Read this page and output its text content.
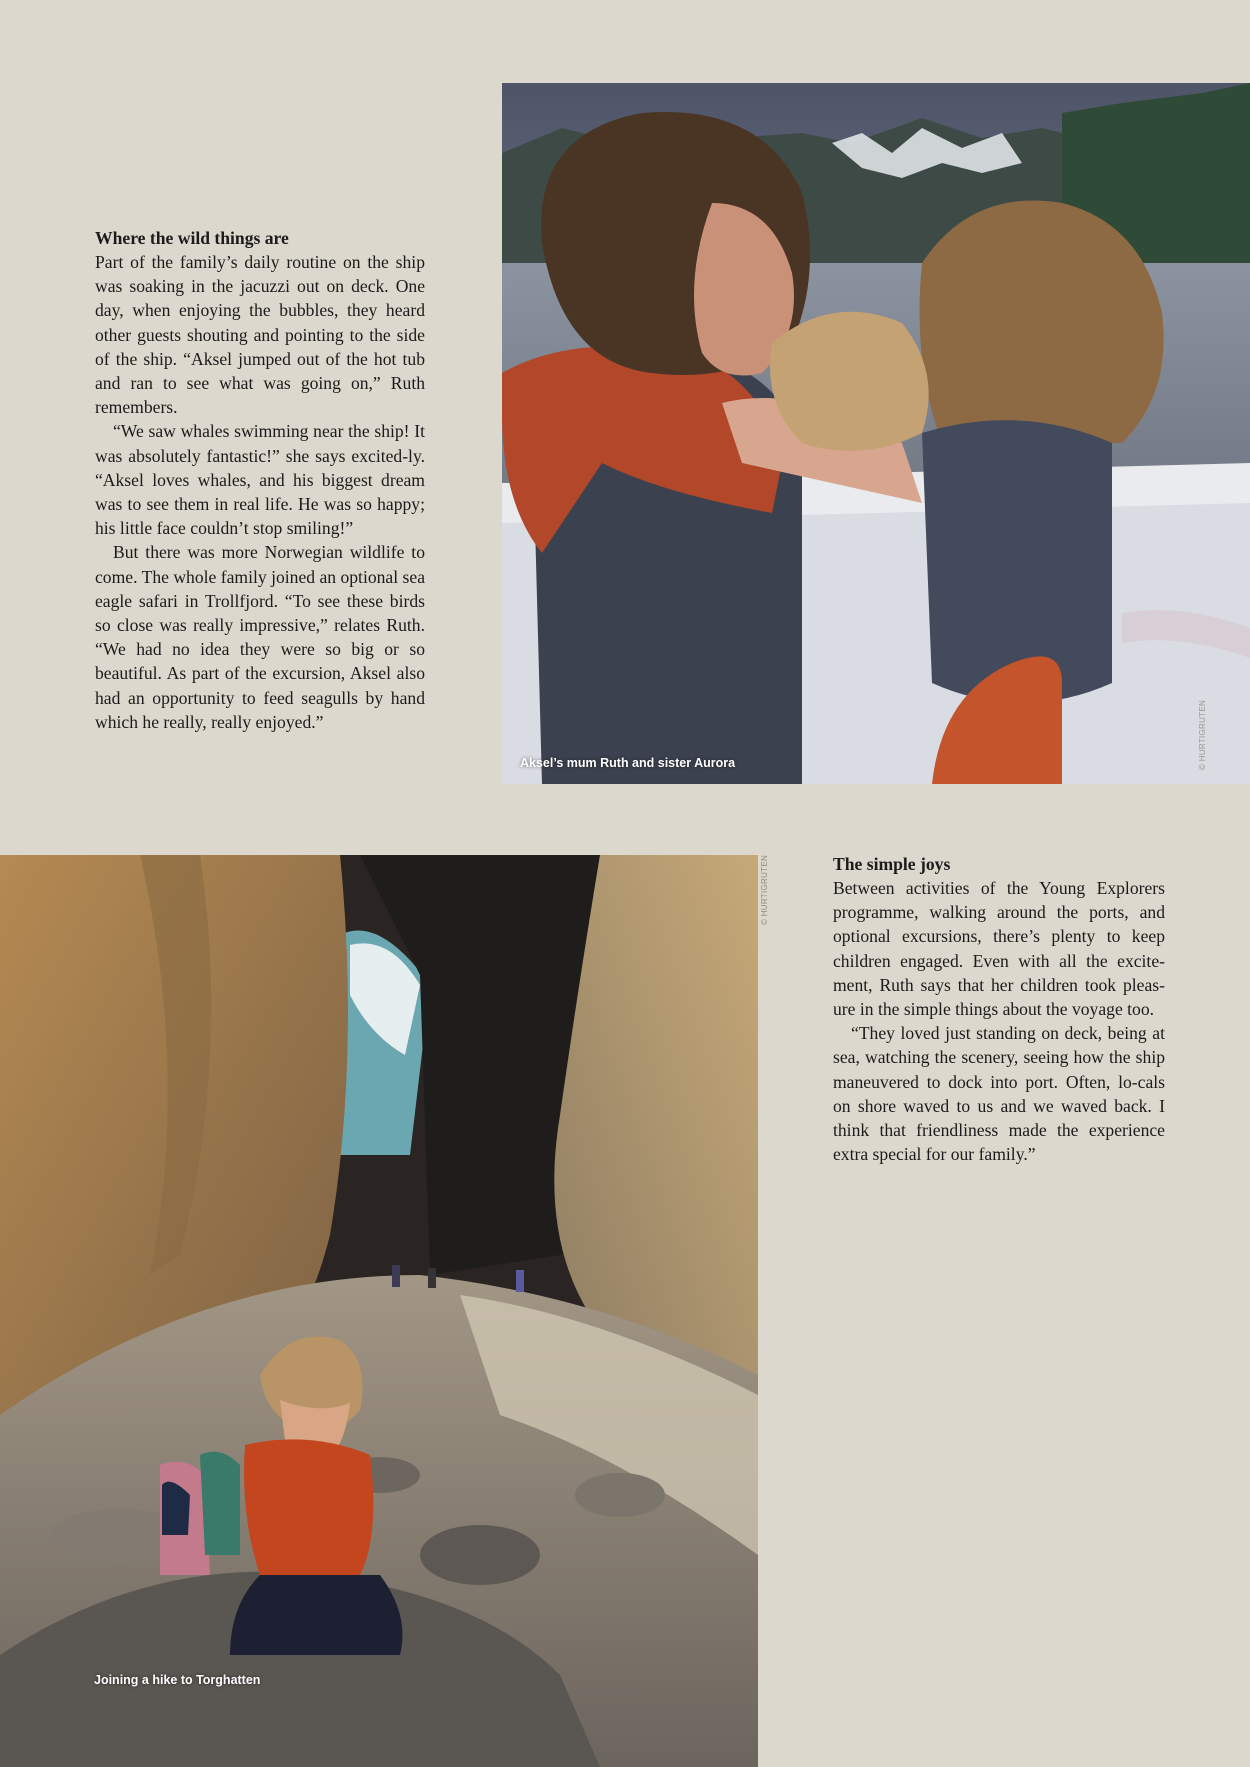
Where the wild things are

Part of the family’s daily routine on the ship was soaking in the jacuzzi out on deck. One day, when enjoying the bubbles, they heard other guests shouting and pointing to the side of the ship. “Aksel jumped out of the hot tub and ran to see what was going on,” Ruth remembers.

“We saw whales swimming near the ship! It was absolutely fantastic!” she says excited-ly. “Aksel loves whales, and his biggest dream was to see them in real life. He was so happy; his little face couldn’t stop smiling!”

But there was more Norwegian wildlife to come. The whole family joined an optional sea eagle safari in Trollfjord. “To see these birds so close was really impressive,” relates Ruth. “We had no idea they were so big or so beautiful. As part of the excursion, Aksel also had an opportunity to feed seagulls by hand which he really, really enjoyed.”

Aksel’s mum Ruth and sister Aurora	© HURTIGRUTEN
Joining a hike to Torghatten
© HURTIGRUTEN	The simple joys

Between activities of the Young Explorers programme, walking around the ports, and optional excursions, there’s plenty to keep children engaged. Even with all the excite-ment, Ruth says that her children took pleas-ure in the simple things about the voyage too.

“They loved just standing on deck, being at sea, watching the scenery, seeing how the ship maneuvered to dock into port. Often, lo-cals on shore waved to us and we waved back. I think that friendliness made the experience extra special for our family.”
